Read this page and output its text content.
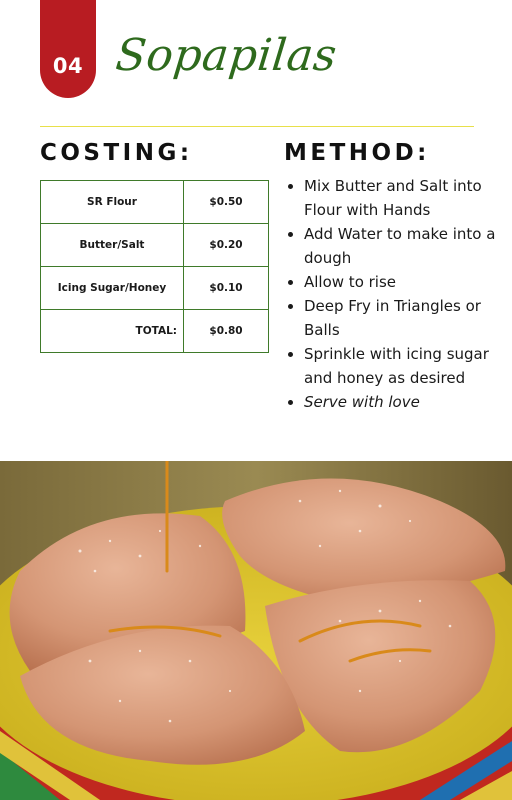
04 Sopapilas
COSTING:	METHOD:
SR Flour	$0.50
Butter/Salt	$0.20
Icing Sugar/Honey	$0.10
TOTAL:	$0.80
• Mix Butter and Salt into Flour with Hands
• Add Water to make into a dough
• Allow to rise
• Deep Fry in Triangles or Balls
• Sprinkle with icing sugar and honey as desired
• Serve with love
